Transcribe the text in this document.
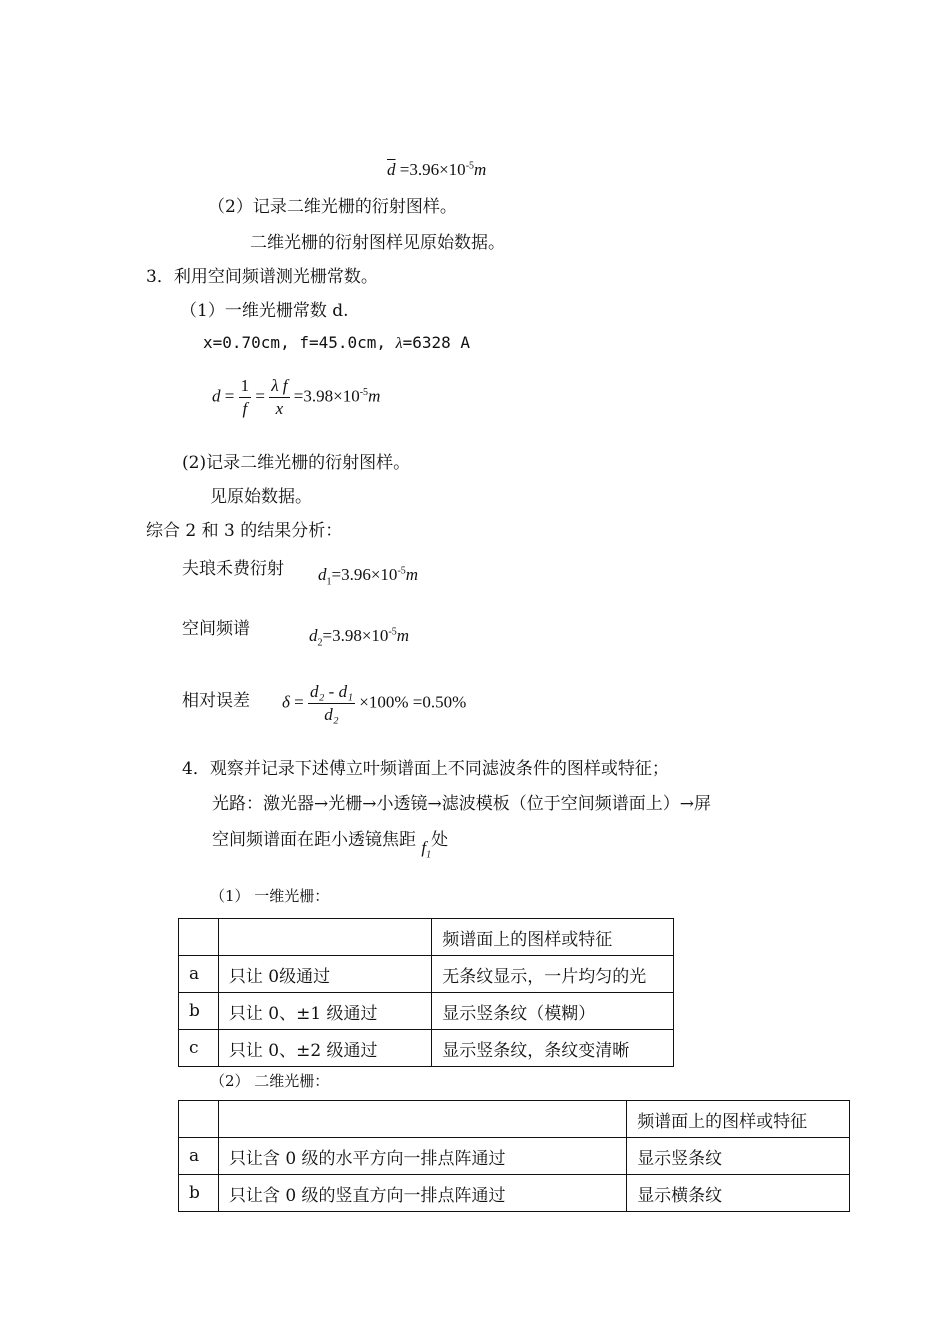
$\overline{d} =3.96\times 10^{-5}m$
（2）记录二维光栅的衍射图样。
二维光栅的衍射图样见原始数据。
3．利用空间频谱测光栅常数。
（1）一维光栅常数 d.
x=0.70cm, f=45.0cm, λ=6328 A
$d = \frac{1}{f} = \frac{\text{λ f}}{x} =3.98\times 10^{-5}m$
(2)记录二维光栅的衍射图样。
见原始数据。
综合 2 和 3 的结果分析：
夫琅禾费衍射 $d_1=3.96\times 10^{-5}m$
空间频谱	$d_2=3.98\times 10^{-5}m$
相对误差 $\delta = \frac{\text{d₂ - d₁}}{\text{d₂}} \times 100\% =0.50\%$
4．观察并记录下述傅立叶频谱面上不同滤波条件的图样或特征；
光路：激光器→光栅→小透镜→滤波模板（位于空间频谱面上）→屏
空间频谱面在距小透镜焦距 $f_1$处
（1） 一维光栅：
		频谱面上的图样或特征
a	只让 0级通过	无条纹显示，一片均匀的光
b	只让 0、±1 级通过	显示竖条纹（模糊）
c	只让 0、±2 级通过	显示竖条纹，条纹变清晰
（2） 二维光栅：
		频谱面上的图样或特征
a	只让含 0 级的水平方向一排点阵通过	显示竖条纹
b	只让含 0 级的竖直方向一排点阵通过	显示横条纹
